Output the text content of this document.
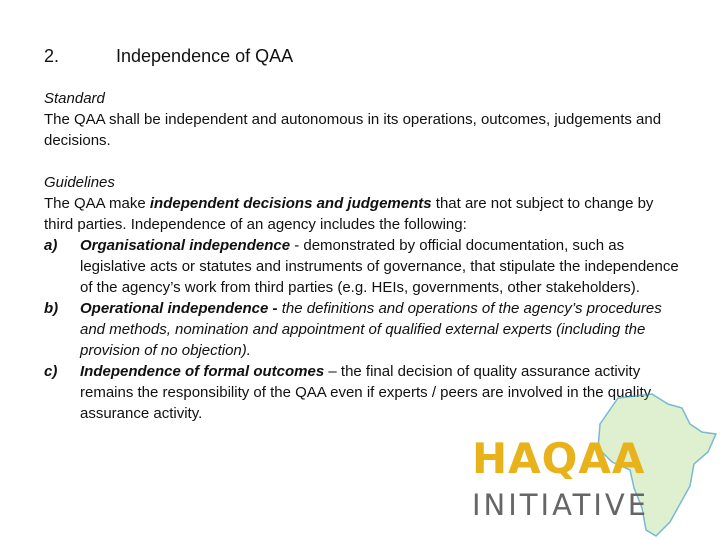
2.	Independence of QAA
Standard
The QAA shall be independent and autonomous in its operations, outcomes, judgements and decisions.
Guidelines
The QAA make independent decisions and judgements that are not subject to change by third parties. Independence of an agency includes the following:
a)	Organisational independence - demonstrated by official documentation, such as legislative acts or statutes and instruments of governance, that stipulate the independence of the agency’s work from third parties (e.g. HEIs, governments, other stakeholders).
b)	Operational independence - the definitions and operations of the agency’s procedures and methods, nomination and appointment of qualified external experts (including the provision of no objection).
c)	Independence of formal outcomes – the final decision of quality assurance activity remains the responsibility of the QAA even if experts / peers are involved in the quality assurance activity.
HAQAA
INITIATIVE
